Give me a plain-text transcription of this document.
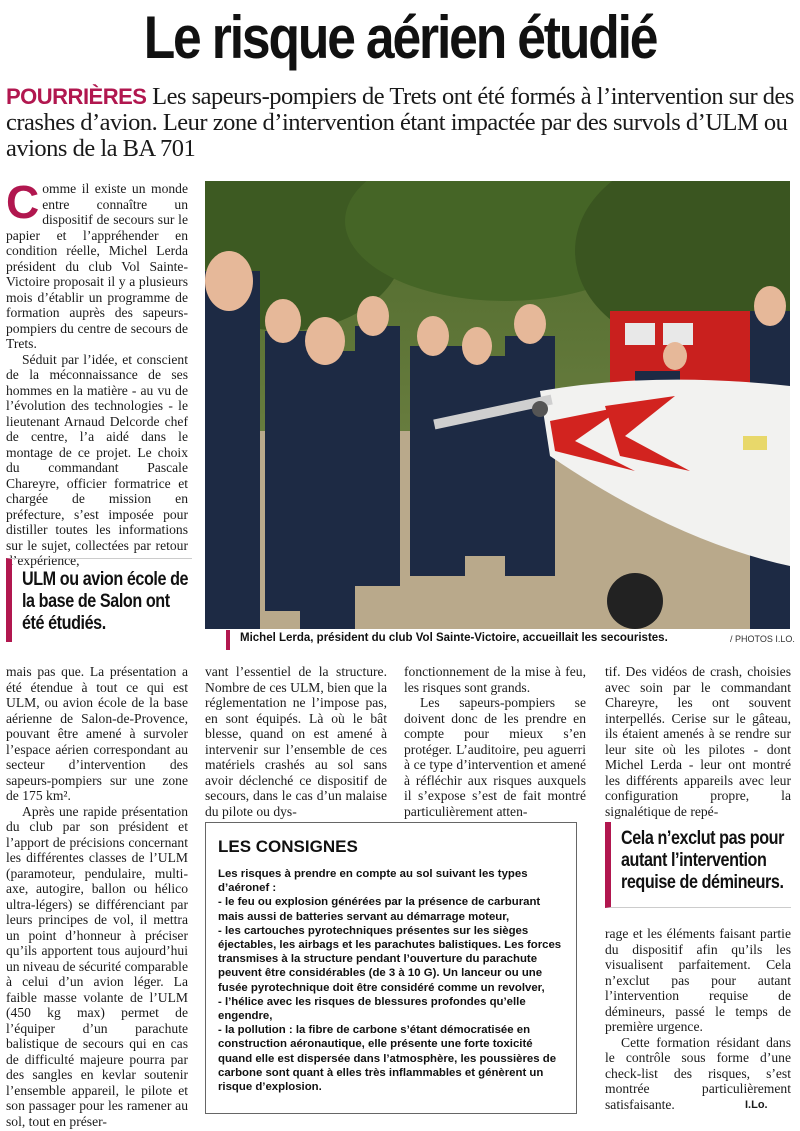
Le risque aérien étudié
POURRIÈRES Les sapeurs-pompiers de Trets ont été formés à l’intervention sur des crashes d’avion. Leur zone d’intervention étant impactée par des survols d’ULM ou avions de la BA 701

Comme il existe un monde entre connaître un dispositif de secours sur le papier et l’appréhender en condition réelle, Michel Lerda président du club Vol Sainte-Victoire proposait il y a plusieurs mois d’établir un programme de formation auprès des sapeurs-pompiers du centre de secours de Trets.

Séduit par l’idée, et conscient de la méconnaissance de ses hommes en la matière - au vu de l’évolution des technologies - le lieutenant Arnaud Delcorde chef de centre, l’a aidé dans le montage de ce projet. Le choix du commandant Pascale Chareyre, officier formatrice et chargée de mission en préfecture, s’est imposée pour distiller toutes les informations sur le sujet, collectées par retour d’expérience,

ULM ou avion école de la base de Salon ont été étudiés.
Michel Lerda, président du club Vol Sainte-Victoire, accueillait les secouristes.	/ PHOTOS I.LO.

mais pas que. La présentation a été étendue à tout ce qui est ULM, ou avion école de la base aérienne de Salon-de-Provence, pouvant être amené à survoler l’espace aérien correspondant au secteur d’intervention des sapeurs-pompiers sur une zone de 175 km².

Après une rapide présentation du club par son président et l’apport de précisions concernant les différentes classes de l’ULM (paramoteur, pendulaire, multi-axe, autogire, ballon ou hélico ultra-légers) se différenciant par leurs principes de vol, il mettra un point d’honneur à préciser qu’ils apportent tous aujourd’hui un niveau de sécurité comparable à celui d’un avion léger. La faible masse volante de l’ULM (450 kg max) permet de l’équiper d’un parachute balistique de secours qui en cas de difficulté majeure pourra par des sangles en kevlar soutenir l’ensemble appareil, le pilote et son passager pour les ramener au sol, tout en préser-

vant l’essentiel de la structure. Nombre de ces ULM, bien que la réglementation ne l’impose pas, en sont équipés. Là où le bât blesse, quand on est amené à intervenir sur l’ensemble de ces matériels crashés au sol sans avoir déclenché ce dispositif de secours, dans le cas d’un malaise du pilote ou dys-

fonctionnement de la mise à feu, les risques sont grands.

Les sapeurs-pompiers se doivent donc de les prendre en compte pour mieux s’en protéger. L’auditoire, peu aguerri à ce type d’intervention et amené à réfléchir aux risques auxquels il s’expose s’est de fait montré particulièrement atten-

tif. Des vidéos de crash, choisies avec soin par le commandant Chareyre, les ont souvent interpellés. Cerise sur le gâteau, ils étaient amenés à se rendre sur leur site où les pilotes - dont Michel Lerda - leur ont montré les différents appareils avec leur configuration propre, la signalétique de repé-

LES CONSIGNES
Les risques à prendre en compte au sol suivant les types d’aéronef :
- le feu ou explosion générées par la présence de carburant mais aussi de batteries servant au démarrage moteur,
- les cartouches pyrotechniques présentes sur les sièges éjectables, les airbags et les parachutes balistiques. Les forces transmises à la structure pendant l’ouverture du parachute peuvent être considérables (de 3 à 10 G). Un lanceur ou une fusée pyrotechnique doit être considéré comme un revolver,
- l’hélice avec les risques de blessures profondes qu’elle engendre,
- la pollution : la fibre de carbone s’étant démocratisée en construction aéronautique, elle présente une forte toxicité quand elle est dispersée dans l’atmosphère, les poussières de carbone sont quant à elles très inflammables et génèrent un risque d’explosion.
Cela n’exclut pas pour autant l’intervention requise de démineurs.

rage et les éléments faisant partie du dispositif afin qu’ils les visualisent parfaitement. Cela n’exclut pas pour autant l’intervention requise de démineurs, passé le temps de première urgence.

Cette formation résidant dans le contrôle sous forme d’une check-list des risques, s’est montrée particulièrement satisfaisante.	I.Lo.
